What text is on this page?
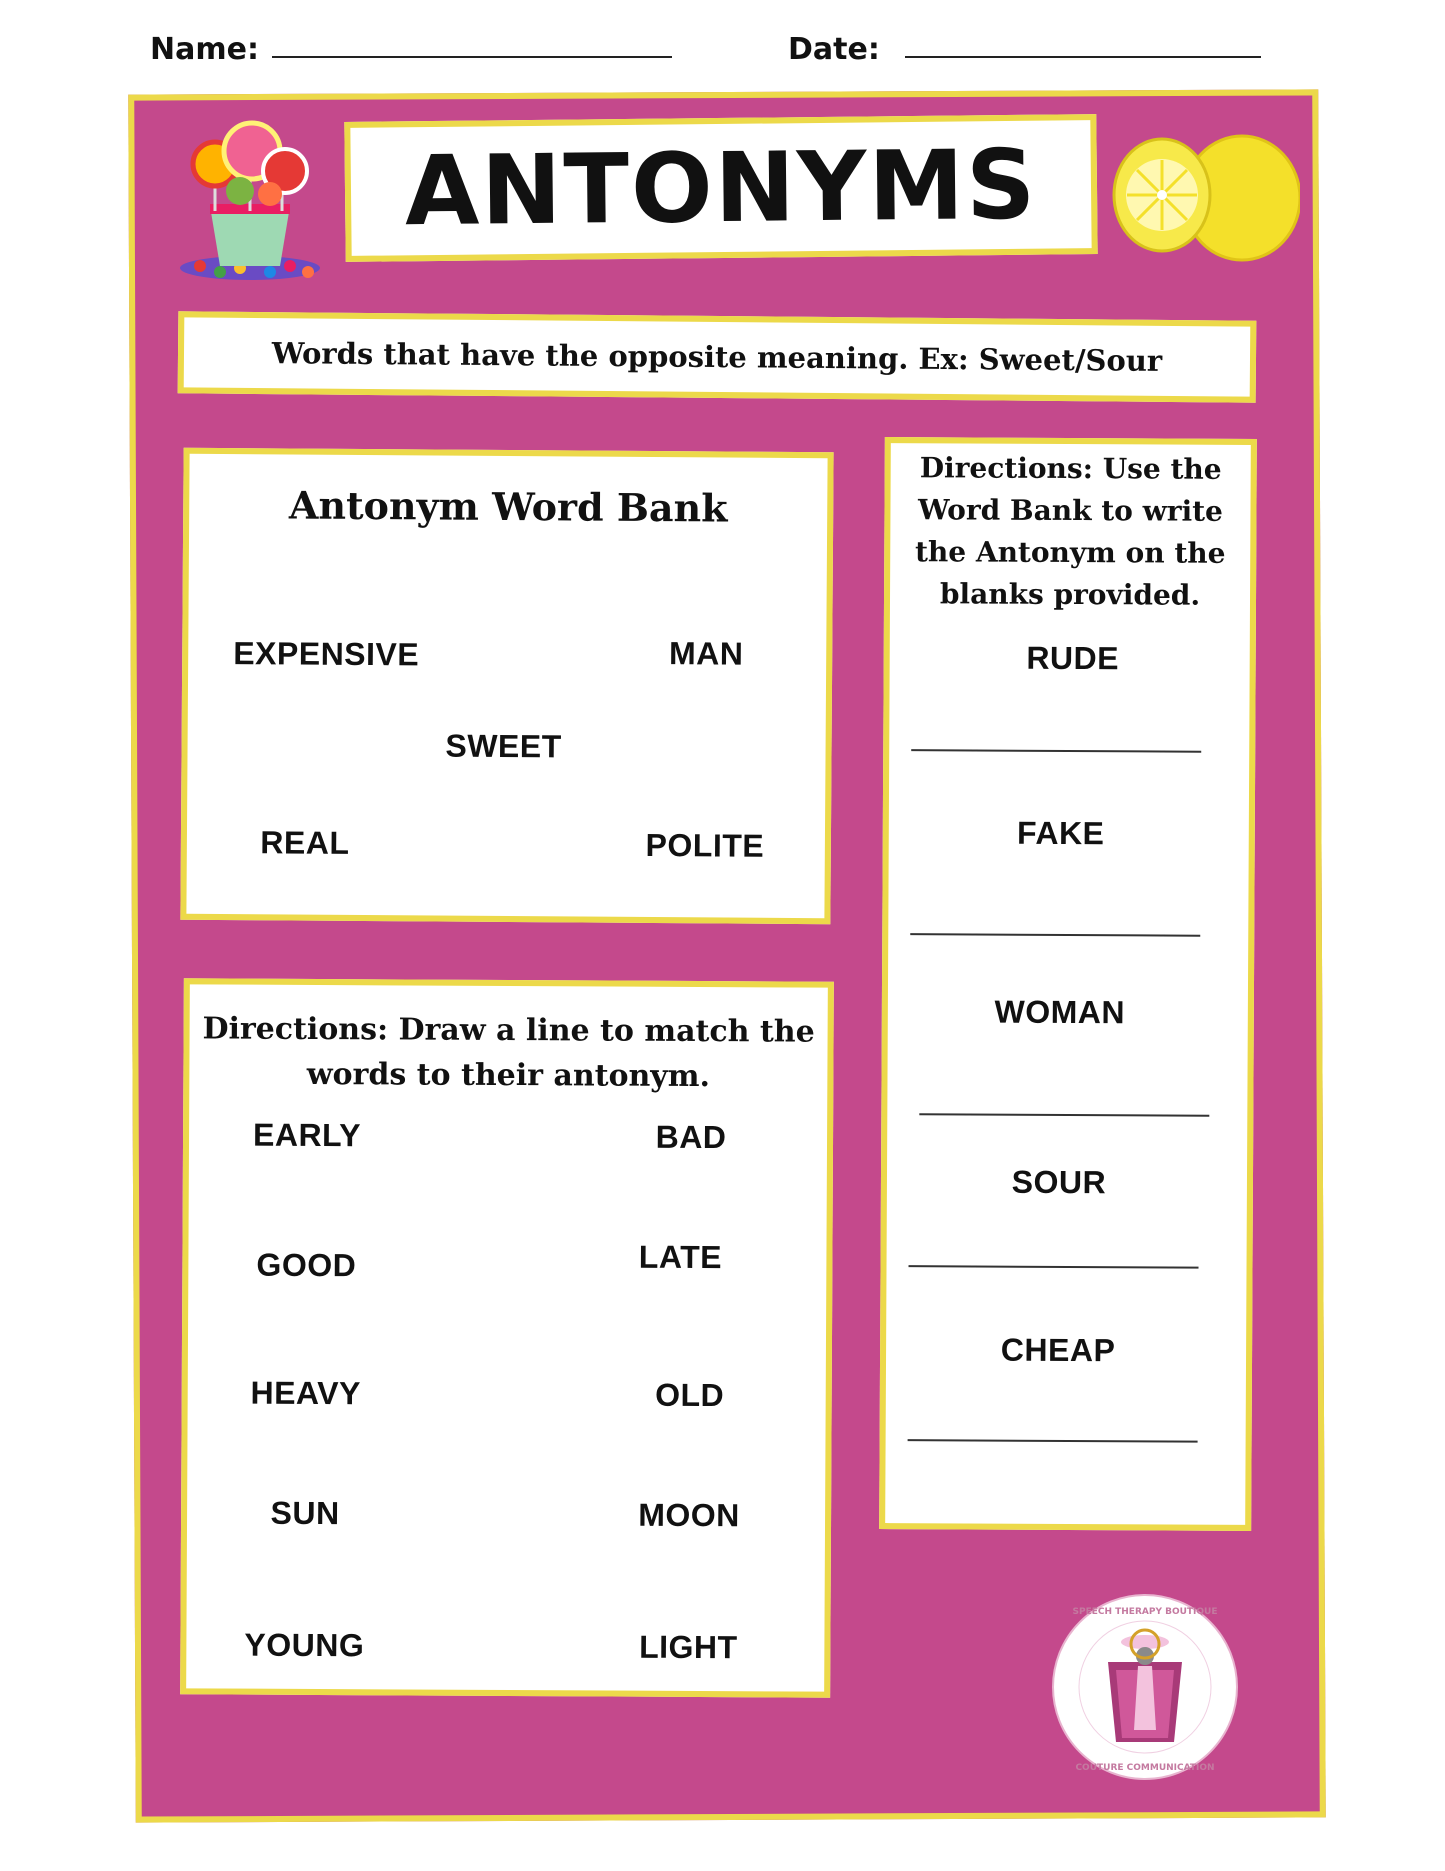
Name:	Date:
ANTONYMS
Words that have the opposite meaning. Ex: Sweet/Sour
Antonym Word Bank
EXPENSIVE	MAN
SWEET
REAL	POLITE
Directions: Draw a line to match the
words to their antonym.
EARLY	BAD
GOOD	LATE
HEAVY	OLD
SUN	MOON
YOUNG	LIGHT
Directions: Use the
Word Bank to write
the Antonym on the
blanks provided.
RUDE
FAKE
WOMAN
SOUR
CHEAP
SPEECH THERAPY BOUTIQUE
COUTURE COMMUNICATION
